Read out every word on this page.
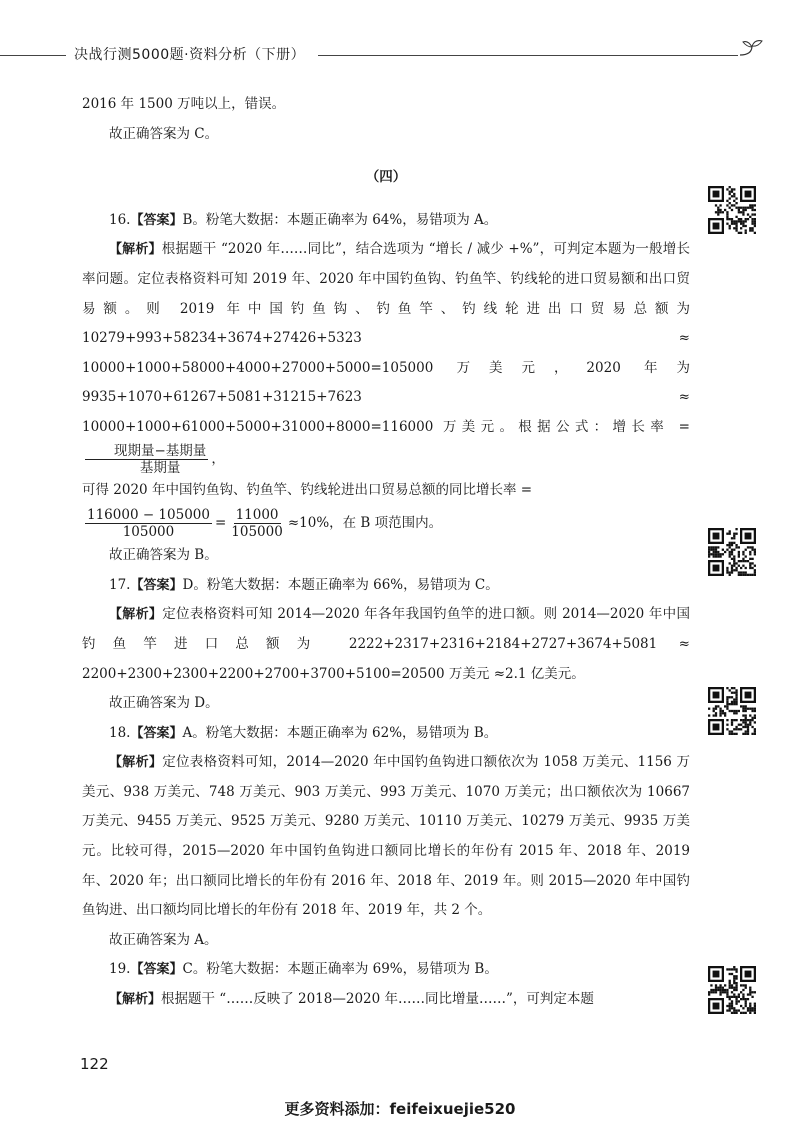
决战行测5000题·资料分析（下册）

2016 年 1500 万吨以上，错误。

故正确答案为 C。

（四）

16.【答案】B。粉笔大数据：本题正确率为 64%，易错项为 A。

【解析】根据题干 “2020 年……同比”，结合选项为 “增长 / 减少 +%”，可判定本题为一般增长率问题。定位表格资料可知 2019 年、2020 年中国钓鱼钩、钓鱼竿、钓线轮的进口贸易额和出口贸易额。则 2019 年中国钓鱼钩、钓鱼竿、钓线轮进出口贸易总额为 10279+993+58234+3674+27426+5323 ≈ 10000+1000+58000+4000+27000+5000=105000 万美元，2020 年为 9935+1070+61267+5081+31215+7623 ≈ 10000+1000+61000+5000+31000+8000=116000 万美元。根据公式：增长率 =
$\frac{\text{现期量−基期量}}{\text{基期量}}$ ，

可得 2020 年中国钓鱼钩、钓鱼竿、钓线轮进出口贸易总额的同比增长率 =

$\frac{116000 - 105000}{105000} = \frac{11000}{105000} \approx 10\%$，在 B 项范围内。

故正确答案为 B。

17.【答案】D。粉笔大数据：本题正确率为 66%，易错项为 C。

【解析】定位表格资料可知 2014—2020 年各年我国钓鱼竿的进口额。则 2014—2020 年中国钓鱼竿进口总额为 2222+2317+2316+2184+2727+3674+5081 ≈ 2200+2300+2300+2200+2700+3700+5100=20500 万美元 ≈2.1 亿美元。

故正确答案为 D。

18.【答案】A。粉笔大数据：本题正确率为 62%，易错项为 B。

【解析】定位表格资料可知，2014—2020 年中国钓鱼钩进口额依次为 1058 万美元、1156 万美元、938 万美元、748 万美元、903 万美元、993 万美元、1070 万美元；出口额依次为 10667 万美元、9455 万美元、9525 万美元、9280 万美元、10110 万美元、10279 万美元、9935 万美元。比较可得，2015—2020 年中国钓鱼钩进口额同比增长的年份有 2015 年、2018 年、2019 年、2020 年；出口额同比增长的年份有 2016 年、2018 年、2019 年。则 2015—2020 年中国钓鱼钩进、出口额均同比增长的年份有 2018 年、2019 年，共 2 个。

故正确答案为 A。

19.【答案】C。粉笔大数据：本题正确率为 69%，易错项为 B。

【解析】根据题干 “……反映了 2018—2020 年……同比增量……”，可判定本题

122
更多资料添加：feifeixuejie520
